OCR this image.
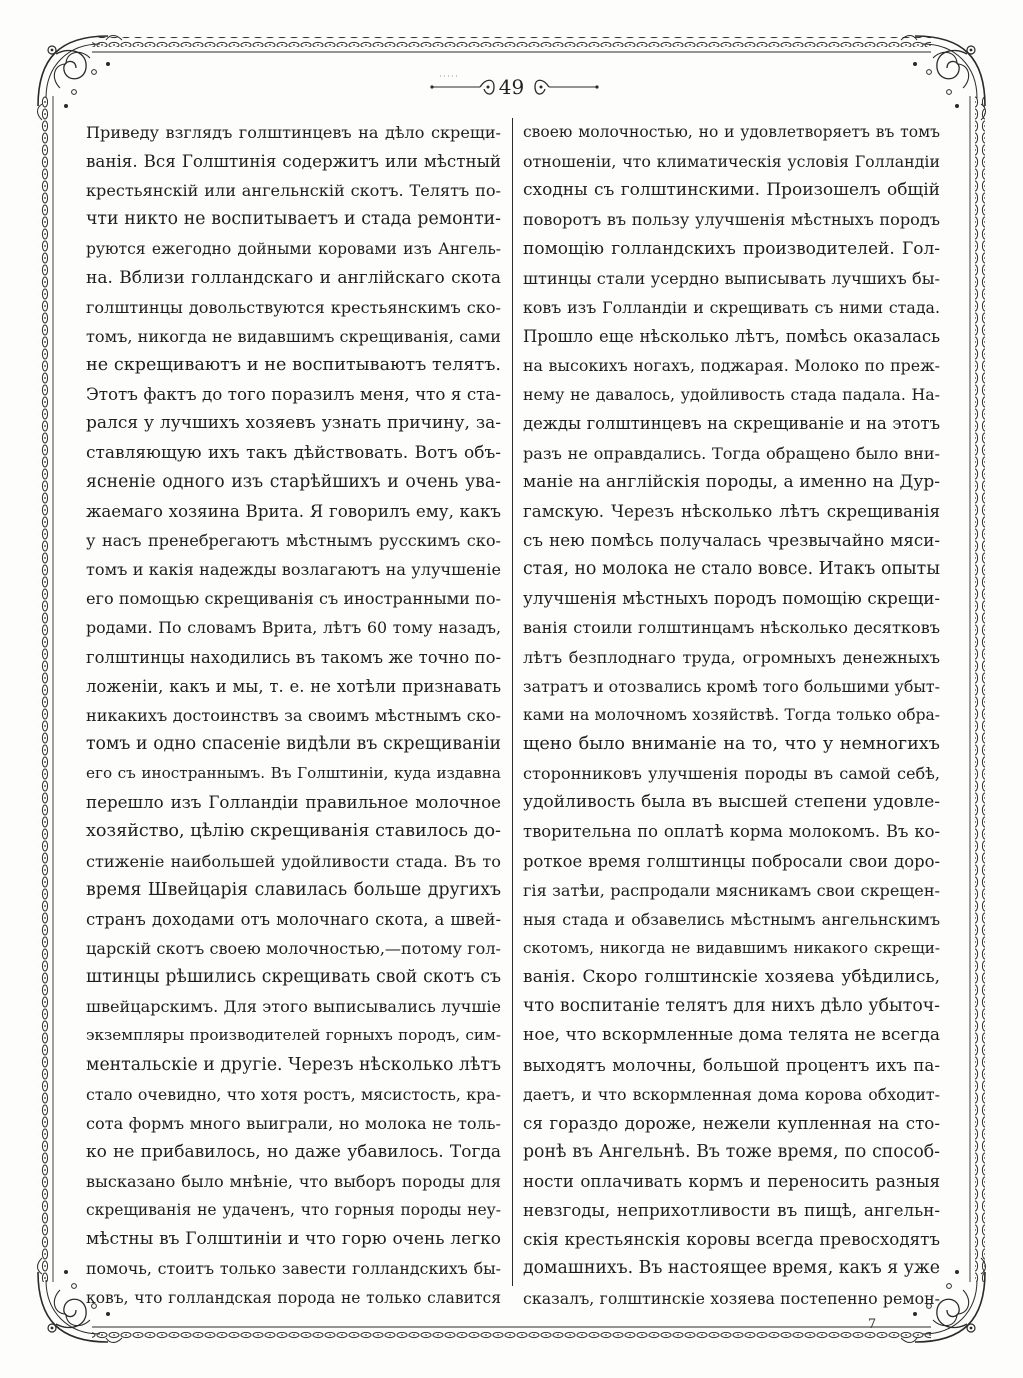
49
Приведу взглядъ голштинцевъ на дѣло скрещи-
ванія. Вся Голштинія содержитъ или мѣстный
крестьянскій или ангельнскій скотъ. Телятъ по-
чти никто не воспитываетъ и стада ремонти-
руются ежегодно дойными коровами изъ Ангель-
на. Вблизи голландскаго и англійскаго скота
голштинцы довольствуются крестьянскимъ ско-
томъ, никогда не видавшимъ скрещиванія, сами
не скрещиваютъ и не воспитываютъ телятъ.
Этотъ фактъ до того поразилъ меня, что я ста-
рался у лучшихъ хозяевъ узнать причину, за-
ставляющую ихъ такъ дѣйствовать. Вотъ объ-
ясненіе одного изъ старѣйшихъ и очень ува-
жаемаго хозяина Врита. Я говорилъ ему, какъ
у насъ пренебрегаютъ мѣстнымъ русскимъ ско-
томъ и какія надежды возлагаютъ на улучшеніе
его помощью скрещиванія съ иностранными по-
родами. По словамъ Врита, лѣтъ 60 тому назадъ,
голштинцы находились въ такомъ же точно по-
ложеніи, какъ и мы, т. е. не хотѣли признавать
никакихъ достоинствъ за своимъ мѣстнымъ ско-
томъ и одно спасеніе видѣли въ скрещиваніи
его съ иностраннымъ. Въ Голштиніи, куда издавна
перешло изъ Голландіи правильное молочное
хозяйство, цѣлію скрещиванія ставилось до-
стиженіе наибольшей удойливости стада. Въ то
время Швейцарія славилась больше другихъ
странъ доходами отъ молочнаго скота, а швей-
царскій скотъ своею молочностью,—потому гол-
штинцы рѣшились скрещивать свой скотъ съ
швейцарскимъ. Для этого выписывались лучшіе
экземпляры производителей горныхъ породъ, сим-
ментальскіе и другіе. Черезъ нѣсколько лѣтъ
стало очевидно, что хотя ростъ, мясистость, кра-
сота формъ много выиграли, но молока не толь-
ко не прибавилось, но даже убавилось. Тогда
высказано было мнѣніе, что выборъ породы для
скрещиванія не удаченъ, что горныя породы неу-
мѣстны въ Голштиніи и что горю очень легко
помочь, стоитъ только завести голландскихъ бы-
ковъ, что голландская порода не только славится
своею молочностью, но и удовлетворяетъ въ томъ
отношеніи, что климатическія условія Голландіи
сходны съ голштинскими. Произошелъ общій
поворотъ въ пользу улучшенія мѣстныхъ породъ
помощію голландскихъ производителей. Гол-
штинцы стали усердно выписывать лучшихъ бы-
ковъ изъ Голландіи и скрещивать съ ними стада.
Прошло еще нѣсколько лѣтъ, помѣсь оказалась
на высокихъ ногахъ, поджарая. Молоко по преж-
нему не давалось, удойливость стада падала. На-
дежды голштинцевъ на скрещиваніе и на этотъ
разъ не оправдались. Тогда обращено было вни-
маніе на англійскія породы, а именно на Дур-
гамскую. Черезъ нѣсколько лѣтъ скрещиванія
съ нею помѣсь получалась чрезвычайно мяси-
стая, но молока не стало вовсе. Итакъ опыты
улучшенія мѣстныхъ породъ помощію скрещи-
ванія стоили голштинцамъ нѣсколько десятковъ
лѣтъ безплоднаго труда, огромныхъ денежныхъ
затратъ и отозвались кромѣ того большими убыт-
ками на молочномъ хозяйствѣ. Тогда только обра-
щено было вниманіе на то, что у немногихъ
сторонниковъ улучшенія породы въ самой себѣ,
удойливость была въ высшей степени удовле-
творительна по оплатѣ корма молокомъ. Въ ко-
роткое время голштинцы побросали свои доро-
гія затѣи, распродали мясникамъ свои скрещен-
ныя стада и обзавелись мѣстнымъ ангельнскимъ
скотомъ, никогда не видавшимъ никакого скрещи-
ванія. Скоро голштинскіе хозяева убѣдились,
что воспитаніе телятъ для нихъ дѣло убыточ-
ное, что вскормленные дома телята не всегда
выходятъ молочны, большой процентъ ихъ па-
даетъ, и что вскормленная дома корова обходит-
ся гораздо дороже, нежели купленная на сто-
ронѣ въ Ангельнѣ. Въ тоже время, по способ-
ности оплачивать кормъ и переносить разныя
невзгоды, неприхотливости въ пищѣ, ангельн-
скія крестьянскія коровы всегда превосходятъ
домашнихъ. Въ настоящее время, какъ я уже
сказалъ, голштинскіе хозяева постепенно ремон-
7
